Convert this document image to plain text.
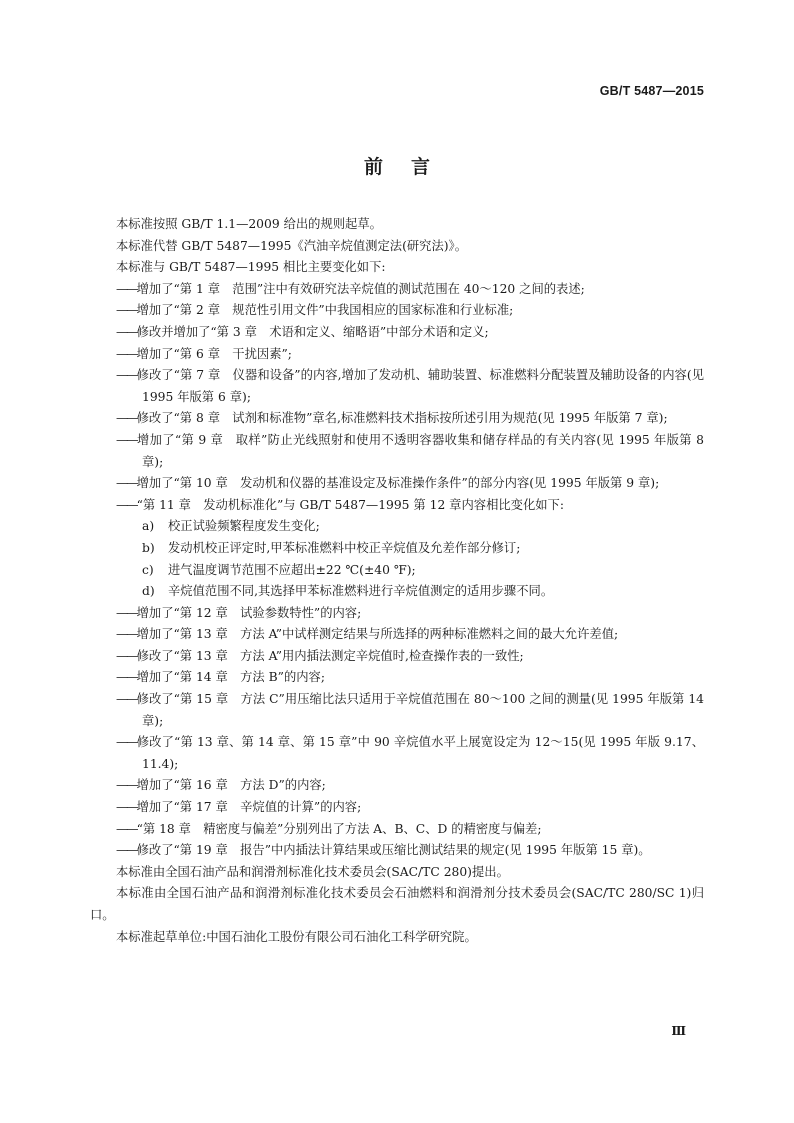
GB/T 5487—2015
前言

本标准按照 GB/T 1.1—2009 给出的规则起草。

本标准代替 GB/T 5487—1995《汽油辛烷值测定法(研究法)》。

本标准与 GB/T 5487—1995 相比主要变化如下:

——增加了“第 1 章　范围”注中有效研究法辛烷值的测试范围在 40～120 之间的表述;

——增加了“第 2 章　规范性引用文件”中我国相应的国家标准和行业标准;

——修改并增加了“第 3 章　术语和定义、缩略语”中部分术语和定义;

——增加了“第 6 章　干扰因素”;

——修改了“第 7 章　仪器和设备”的内容,增加了发动机、辅助装置、标准燃料分配装置及辅助设备的内容(见 1995 年版第 6 章);

——修改了“第 8 章　试剂和标准物”章名,标准燃料技术指标按所述引用为规范(见 1995 年版第 7 章);

——增加了“第 9 章　取样”防止光线照射和使用不透明容器收集和储存样品的有关内容(见 1995 年版第 8 章);

——增加了“第 10 章　发动机和仪器的基准设定及标准操作条件”的部分内容(见 1995 年版第 9 章);

——“第 11 章　发动机标准化”与 GB/T 5487—1995 第 12 章内容相比变化如下:

a) 校正试验频繁程度发生变化;

b) 发动机校正评定时,甲苯标准燃料中校正辛烷值及允差作部分修订;

c) 进气温度调节范围不应超出±22 ℃(±40 ℉);

d) 辛烷值范围不同,其选择甲苯标准燃料进行辛烷值测定的适用步骤不同。

——增加了“第 12 章　试验参数特性”的内容;

——增加了“第 13 章　方法 A”中试样测定结果与所选择的两种标准燃料之间的最大允许差值;

——修改了“第 13 章　方法 A”用内插法测定辛烷值时,检查操作表的一致性;

——增加了“第 14 章　方法 B”的内容;

——修改了“第 15 章　方法 C”用压缩比法只适用于辛烷值范围在 80～100 之间的测量(见 1995 年版第 14 章);

——修改了“第 13 章、第 14 章、第 15 章”中 90 辛烷值水平上展宽设定为 12～15(见 1995 年版 9.17、11.4);

——增加了“第 16 章　方法 D”的内容;

——增加了“第 17 章　辛烷值的计算”的内容;

——“第 18 章　精密度与偏差”分别列出了方法 A、B、C、D 的精密度与偏差;

——修改了“第 19 章　报告”中内插法计算结果或压缩比测试结果的规定(见 1995 年版第 15 章)。

本标准由全国石油产品和润滑剂标准化技术委员会(SAC/TC 280)提出。

本标准由全国石油产品和润滑剂标准化技术委员会石油燃料和润滑剂分技术委员会(SAC/TC 280/SC 1)归口。

本标准起草单位:中国石油化工股份有限公司石油化工科学研究院。

Ⅲ
